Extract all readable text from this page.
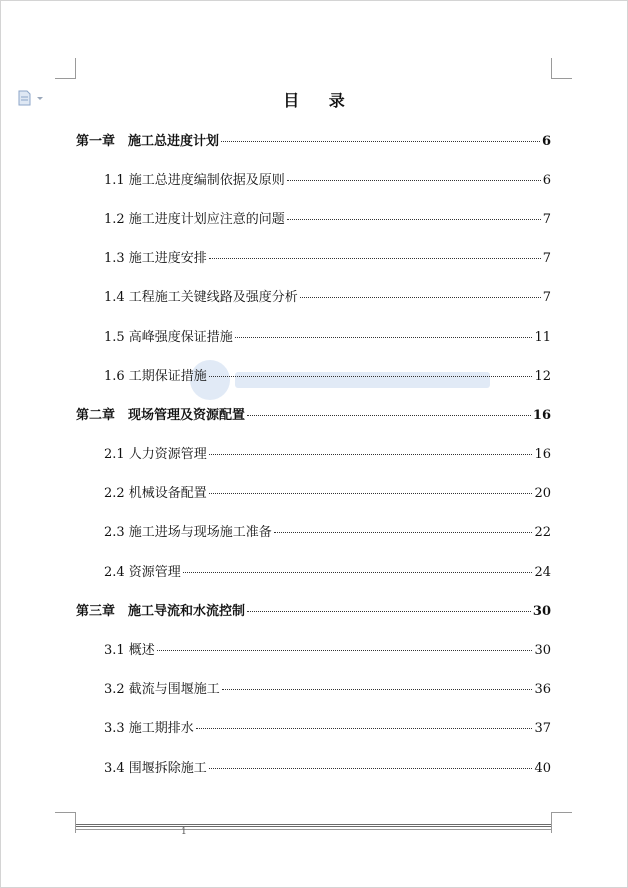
目 录
第一章　施工总进度计划	6
1.1 施工总进度编制依据及原则	6
1.2 施工进度计划应注意的问题	7
1.3 施工进度安排	7
1.4 工程施工关键线路及强度分析	7
1.5 高峰强度保证措施	11
1.6 工期保证措施	12
第二章　现场管理及资源配置	16
2.1 人力资源管理	16
2.2 机械设备配置	20
2.3 施工进场与现场施工准备	22
2.4 资源管理	24
第三章　施工导流和水流控制	30
3.1 概述	30
3.2 截流与围堰施工	36
3.3 施工期排水	37
3.4 围堰拆除施工	40
1
